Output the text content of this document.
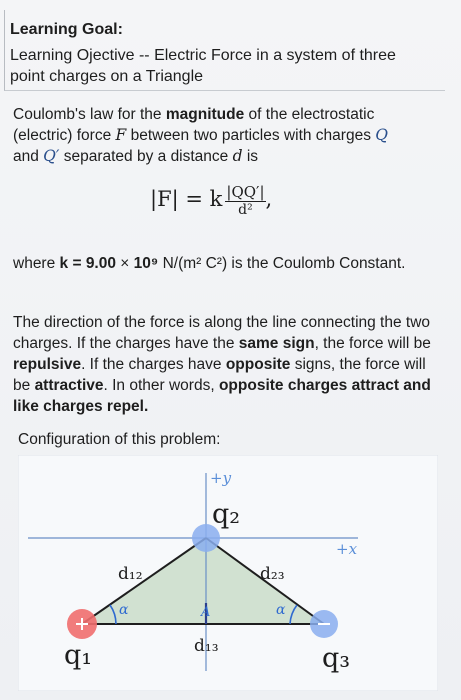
Learning Goal:
Learning Ojective -- Electric Force in a system of three point charges on a Triangle
Coulomb's law for the magnitude of the electrostatic (electric) force F between two particles with charges Q
and Q′ separated by a distance d is
|F| = k $\frac{|QQ'|}{\text{d²}}$ ,
where k = 9.00 × 10⁹ N/(m² C²) is the Coulomb Constant.
The direction of the force is along the line connecting the two charges. If the charges have the same sign, the force will be repulsive. If the charges have opposite signs, the force will be attractive. In other words, opposite charges attract and like charges repel.
Configuration of this problem:
+y
+x
q₂
q₁	q₃
d₁₂	d₂₃
d₁₃
α	α
A
